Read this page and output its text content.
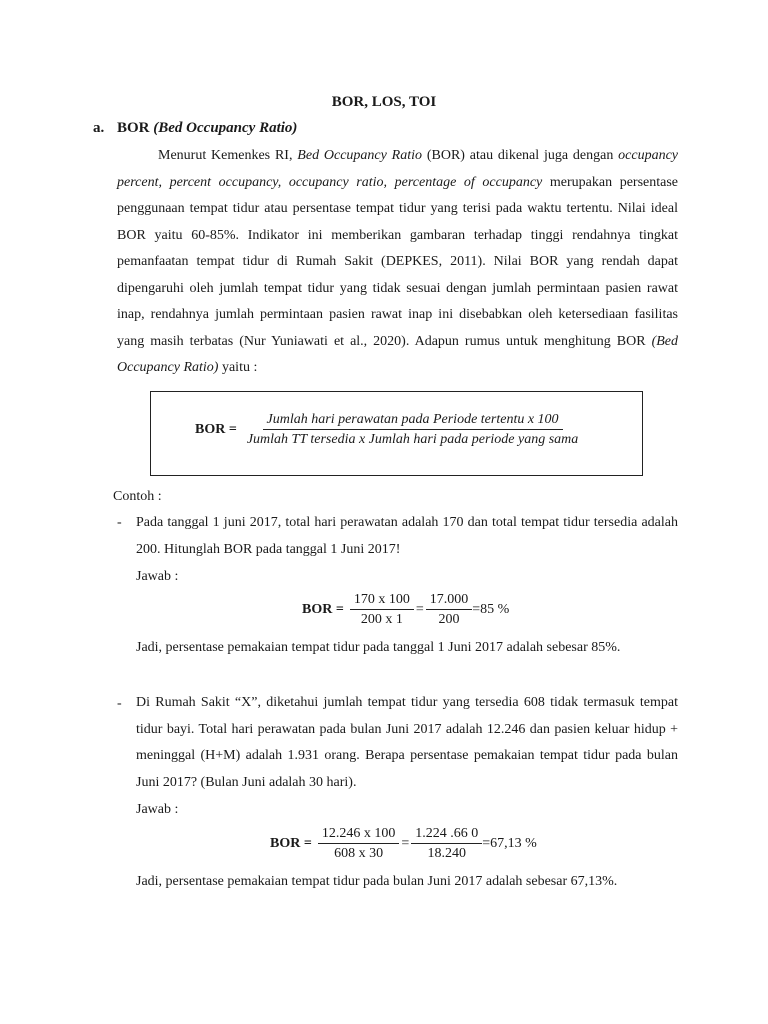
BOR, LOS, TOI
a. BOR (Bed Occupancy Ratio)
Menurut Kemenkes RI, Bed Occupancy Ratio (BOR) atau dikenal juga dengan occupancy percent, percent occupancy, occupancy ratio, percentage of occupancy merupakan persentase penggunaan tempat tidur atau persentase tempat tidur yang terisi pada waktu tertentu. Nilai ideal BOR yaitu 60-85%. Indikator ini memberikan gambaran terhadap tinggi rendahnya tingkat pemanfaatan tempat tidur di Rumah Sakit (DEPKES, 2011). Nilai BOR yang rendah dapat dipengaruhi oleh jumlah tempat tidur yang tidak sesuai dengan jumlah permintaan pasien rawat inap, rendahnya jumlah permintaan pasien rawat inap ini disebabkan oleh ketersediaan fasilitas yang masih terbatas (Nur Yuniawati et al., 2020). Adapun rumus untuk menghitung BOR (Bed Occupancy Ratio) yaitu :
BOR = $\frac{\text{Jumlah hari perawatan pada Periode tertentu x 100}}{\text{Jumlah TT tersedia x Jumlah hari pada periode yang sama}}$
Contoh :
- Pada tanggal 1 juni 2017, total hari perawatan adalah 170 dan total tempat tidur tersedia adalah 200. Hitunglah BOR pada tanggal 1 Juni 2017!
Jawab :
BOR = $\frac{170 x 100}{200 x 1} = \frac{17.000}{200} =85$ %
Jadi, persentase pemakaian tempat tidur pada tanggal 1 Juni 2017 adalah sebesar 85%.
- Di Rumah Sakit “X”, diketahui jumlah tempat tidur yang tersedia 608 tidak termasuk tempat tidur bayi. Total hari perawatan pada bulan Juni 2017 adalah 12.246 dan pasien keluar hidup + meninggal (H+M) adalah 1.931 orang. Berapa persentase pemakaian tempat tidur pada bulan Juni 2017? (Bulan Juni adalah 30 hari).
Jawab :
BOR = $\frac{12.246 x 100}{608 x 30} = \frac{1.224 .66 0}{18.240} =67,13$ %
Jadi, persentase pemakaian tempat tidur pada bulan Juni 2017 adalah sebesar 67,13%.
